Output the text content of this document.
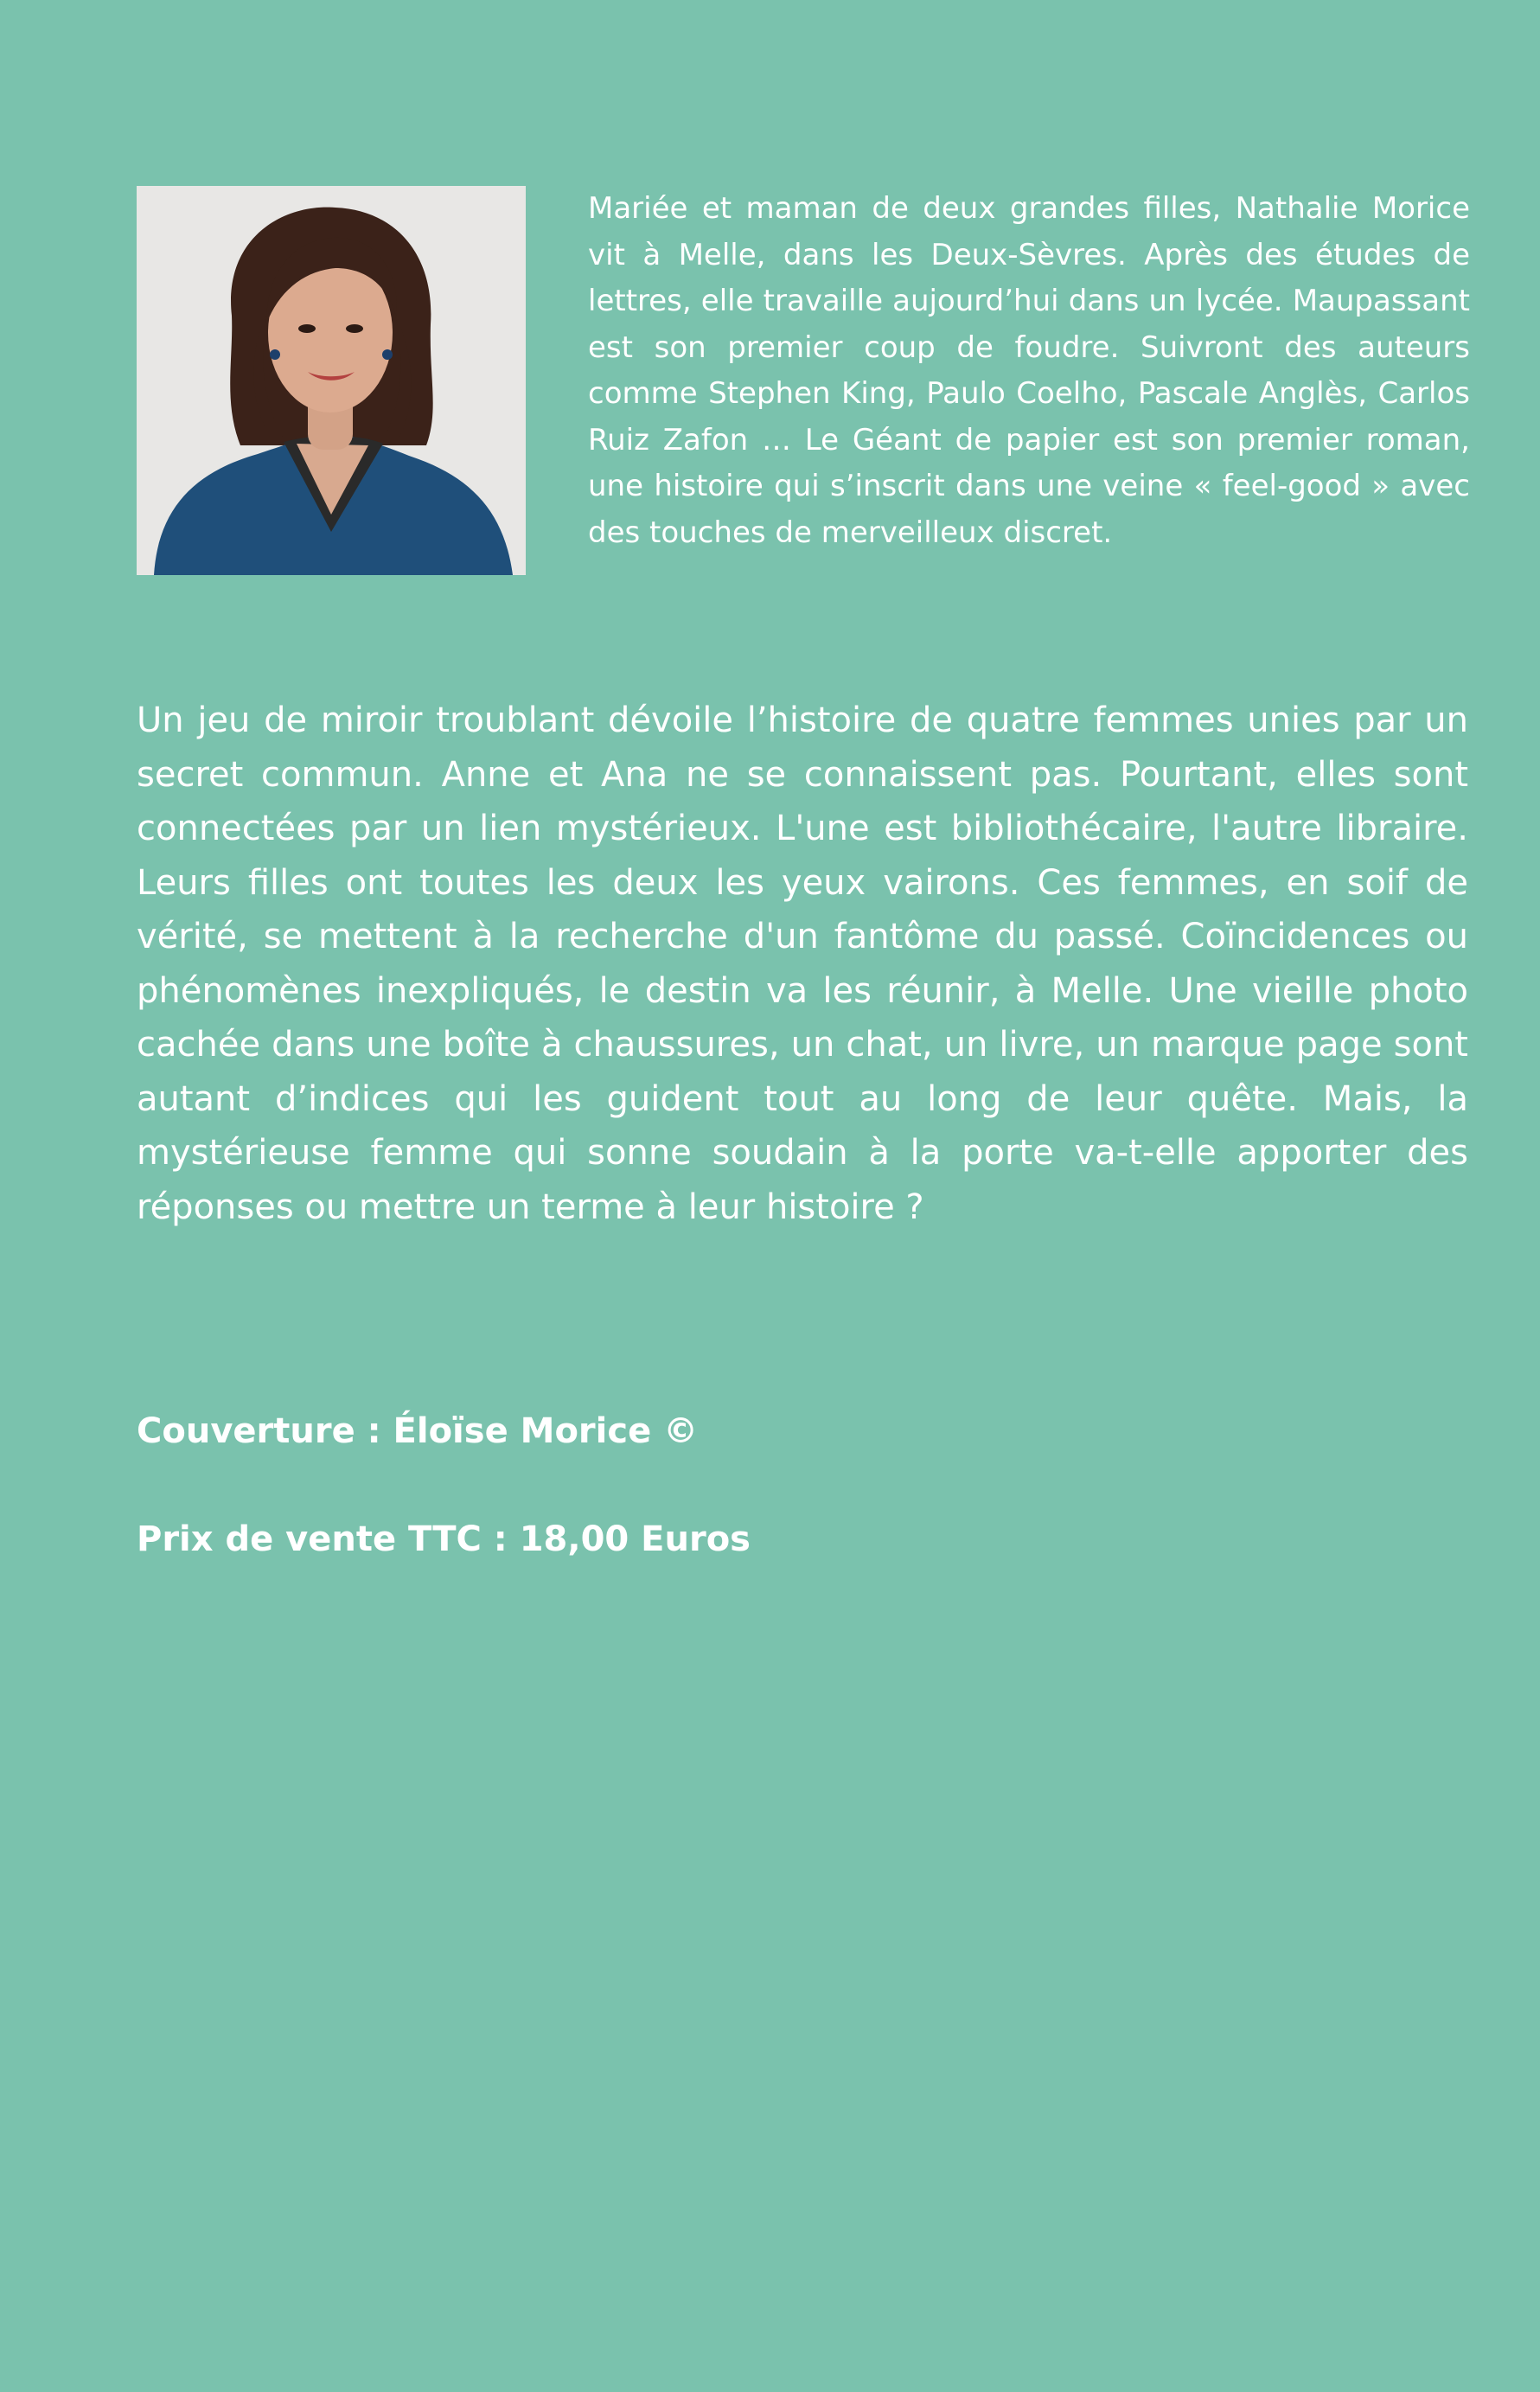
Mariée et maman de deux grandes filles, Nathalie Morice vit à Melle, dans les Deux-Sèvres. Après des études de lettres, elle travaille aujourd’hui dans un lycée. Maupassant est son premier coup de foudre. Suivront des auteurs comme Stephen King, Paulo Coelho, Pascale Anglès, Carlos Ruiz Zafon … Le Géant de papier est son premier roman, une histoire qui s’inscrit dans une veine « feel-good » avec des touches de merveilleux discret.

Un jeu de miroir troublant dévoile l’histoire de quatre femmes unies par un secret commun. Anne et Ana ne se connaissent pas. Pourtant, elles sont connectées par un lien mystérieux. L'une est bibliothécaire, l'autre libraire. Leurs filles ont toutes les deux les yeux vairons. Ces femmes, en soif de vérité, se mettent à la recherche d'un fantôme du passé. Coïncidences ou phénomènes inexpliqués, le destin va les réunir, à Melle. Une vieille photo cachée dans une boîte à chaussures, un chat, un livre, un marque page sont autant d’indices qui les guident tout au long de leur quête. Mais, la mystérieuse femme qui sonne soudain à la porte va-t-elle apporter des réponses ou mettre un terme à leur histoire ?

Couverture : Éloïse Morice ©

Prix de vente TTC : 18,00 Euros
